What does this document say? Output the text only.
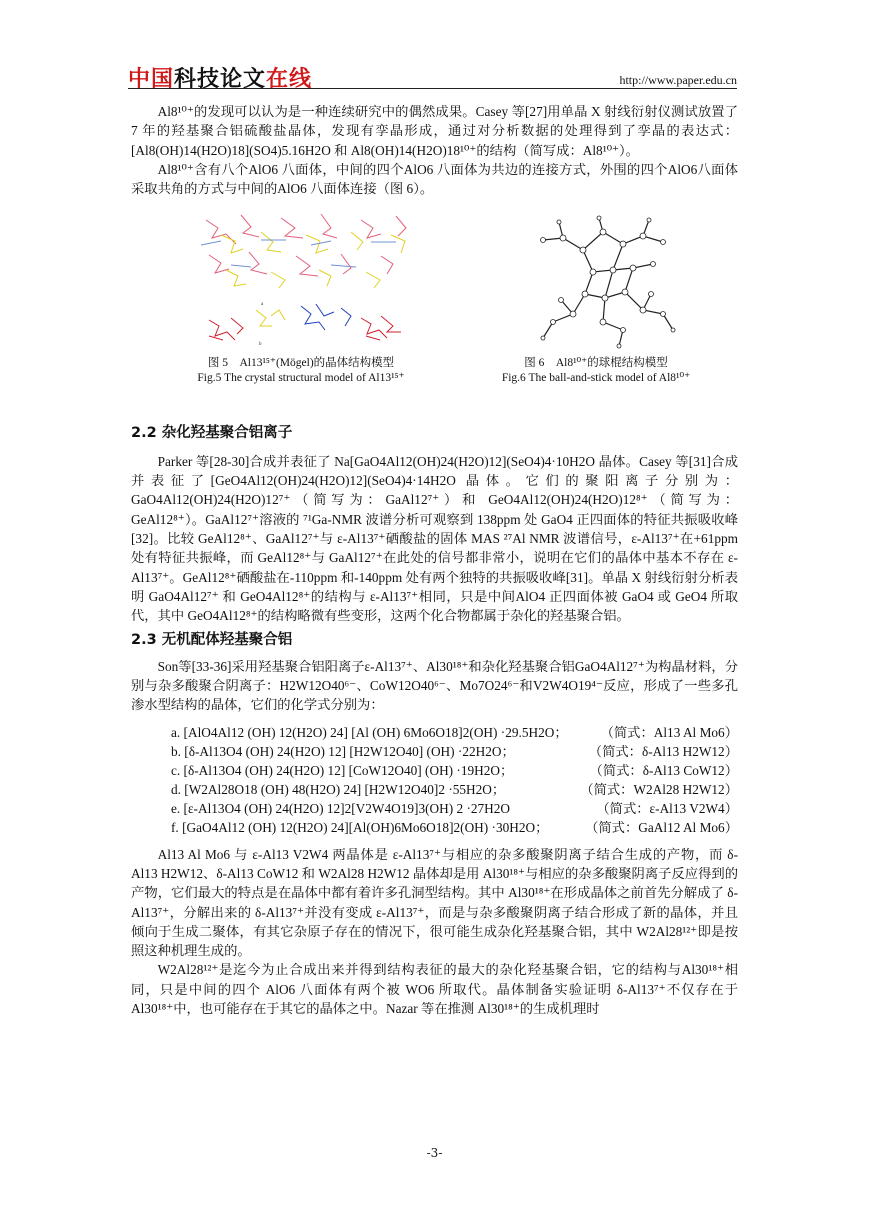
中国科技论文在线	http://www.paper.edu.cn

Al8¹⁰⁺的发现可以认为是一种连续研究中的偶然成果。Casey 等[27]用单晶 X 射线衍射仪测试放置了 7 年的羟基聚合铝硫酸盐晶体，发现有孪晶形成，通过对分析数据的处理得到了孪晶的表达式：[Al8(OH)14(H2O)18](SO4)5.16H2O 和 Al8(OH)14(H2O)18¹⁰⁺的结构（简写成：Al8¹⁰⁺）。

Al8¹⁰⁺含有八个AlO6 八面体，中间的四个AlO6 八面体为共边的连接方式，外围的四个AlO6八面体采取共角的方式与中间的AlO6 八面体连接（图 6）。

a
b
图 5　Al13¹⁵⁺(Mögel)的晶体结构模型
Fig.5 The crystal structural model of Al13¹⁵⁺
图 6　Al8¹⁰⁺的球棍结构模型
Fig.6 The ball-and-stick model of Al8¹⁰⁺
2.2 杂化羟基聚合铝离子

Parker 等[28-30]合成并表征了 Na[GaO4Al12(OH)24(H2O)12](SeO4)4·10H2O 晶体。Casey 等[31]合成并表征了[GeO4Al12(OH)24(H2O)12](SeO4)4·14H2O 晶体。它们的聚阳离子分别为：GaO4Al12(OH)24(H2O)12⁷⁺（简写为：GaAl12⁷⁺）和 GeO4Al12(OH)24(H2O)12⁸⁺（简写为：GeAl12⁸⁺）。GaAl12⁷⁺溶液的 ⁷¹Ga-NMR 波谱分析可观察到 138ppm 处 GaO4 正四面体的特征共振吸收峰[32]。比较 GeAl12⁸⁺、GaAl12⁷⁺与 ε-Al13⁷⁺硒酸盐的固体 MAS ²⁷Al NMR 波谱信号，ε-Al13⁷⁺在+61ppm 处有特征共振峰，而 GeAl12⁸⁺与 GaAl12⁷⁺在此处的信号都非常小，说明在它们的晶体中基本不存在 ε-Al13⁷⁺。GeAl12⁸⁺硒酸盐在-110ppm 和-140ppm 处有两个独特的共振吸收峰[31]。单晶 X 射线衍射分析表明 GaO4Al12⁷⁺ 和 GeO4Al12⁸⁺的结构与 ε-Al13⁷⁺相同，只是中间AlO4 正四面体被 GaO4 或 GeO4 所取代，其中 GeO4Al12⁸⁺的结构略微有些变形，这两个化合物都属于杂化的羟基聚合铝。

2.3 无机配体羟基聚合铝

Son等[33-36]采用羟基聚合铝阳离子ε-Al13⁷⁺、Al30¹⁸⁺和杂化羟基聚合铝GaO4Al12⁷⁺为构晶材料，分别与杂多酸聚合阴离子：H2W12O40⁶⁻、CoW12O40⁶⁻、Mo7O24⁶⁻和V2W4O19⁴⁻反应，形成了一些多孔渗水型结构的晶体，它们的化学式分别为：

a. [AlO4Al12 (OH) 12(H2O) 24] [Al (OH) 6Mo6O18]2(OH) ·29.5H2O； （简式：Al13 Al Mo6）
b. [δ-Al13O4 (OH) 24(H2O) 12] [H2W12O40] (OH) ·22H2O；	（简式：δ-Al13 H2W12）
c. [δ-Al13O4 (OH) 24(H2O) 12] [CoW12O40] (OH) ·19H2O；	（简式：δ-Al13 CoW12）
d. [W2Al28O18 (OH) 48(H2O) 24] [H2W12O40]2 ·55H2O；	（简式：W2Al28 H2W12）
e. [ε-Al13O4 (OH) 24(H2O) 12]2[V2W4O19]3(OH) 2 ·27H2O	（简式：ε-Al13 V2W4）
f. [GaO4Al12 (OH) 12(H2O) 24][Al(OH)6Mo6O18]2(OH) ·30H2O；	（简式：GaAl12 Al Mo6）

Al13 Al Mo6 与 ε-Al13 V2W4 两晶体是 ε-Al13⁷⁺与相应的杂多酸聚阴离子结合生成的产物，而 δ-Al13 H2W12、δ-Al13 CoW12 和 W2Al28 H2W12 晶体却是用 Al30¹⁸⁺与相应的杂多酸聚阴离子反应得到的产物，它们最大的特点是在晶体中都有着许多孔洞型结构。其中 Al30¹⁸⁺在形成晶体之前首先分解成了 δ-Al13⁷⁺，分解出来的 δ-Al13⁷⁺并没有变成 ε-Al13⁷⁺，而是与杂多酸聚阴离子结合形成了新的晶体，并且倾向于生成二聚体，有其它杂原子存在的情况下，很可能生成杂化羟基聚合铝，其中 W2Al28¹²⁺即是按照这种机理生成的。

W2Al28¹²⁺是迄今为止合成出来并得到结构表征的最大的杂化羟基聚合铝，它的结构与Al30¹⁸⁺相同，只是中间的四个 AlO6 八面体有两个被 WO6 所取代。晶体制备实验证明 δ-Al13⁷⁺不仅存在于 Al30¹⁸⁺中，也可能存在于其它的晶体之中。Nazar 等在推测 Al30¹⁸⁺的生成机理时

-3-
